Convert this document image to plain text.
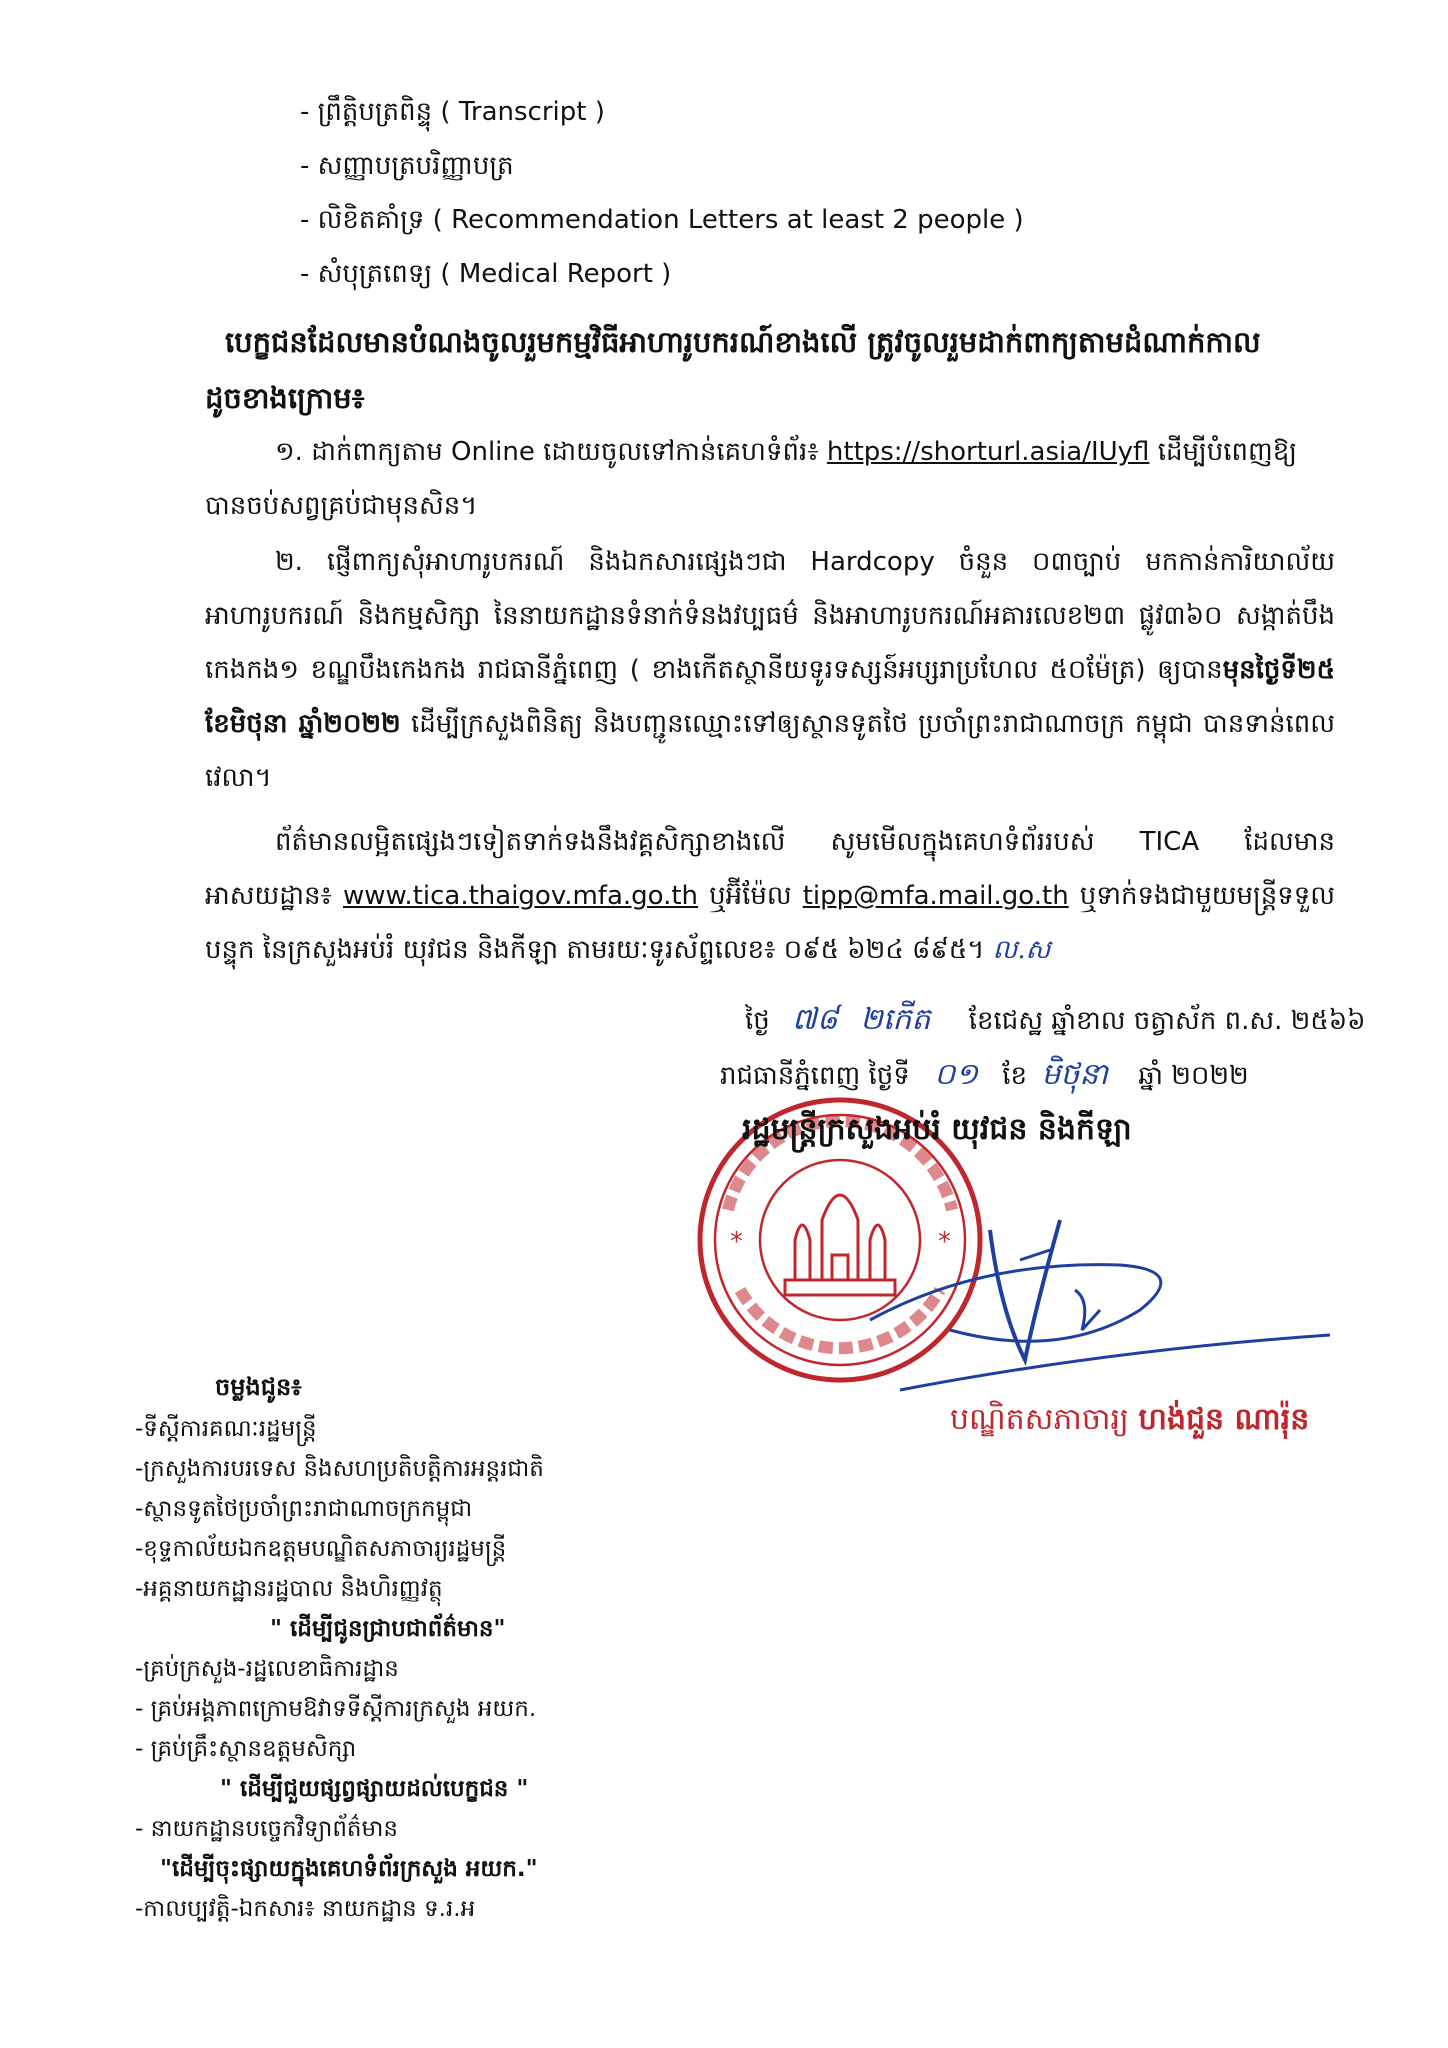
- ព្រឹត្តិបត្រពិន្ទុ ( Transcript )
- សញ្ញាបត្របរិញ្ញាបត្រ
- លិខិតគាំទ្រ ( Recommendation Letters at least 2 people )
- សំបុត្រពេទ្យ ( Medical Report )
បេក្ខជនដែលមានបំណងចូលរួមកម្មវិធីអាហារូបករណ៍ខាងលើ ត្រូវចូលរួមដាក់ពាក្យតាមដំណាក់កាល
ដូចខាងក្រោម៖
១. ដាក់ពាក្យតាម Online ដោយចូលទៅកាន់គេហទំព័រ៖ https://shorturl.asia/IUyfl ដើម្បីបំពេញឱ្យ
បានចប់សព្វគ្រប់ជាមុនសិន។
២. ផ្ញើពាក្យសុំអាហារូបករណ៍ និងឯកសារផ្សេងៗជា Hardcopy ចំនួន ០៣ច្បាប់ មកកាន់ការិយាល័យ អាហារូបករណ៍ និងកម្មសិក្សា នៃនាយកដ្ឋានទំនាក់ទំនងវប្បធម៌ និងអាហារូបករណ៍អគារលេខ២៣ ផ្លូវ៣៦០ សង្កាត់បឹងកេងកង១ ខណ្ឌបឹងកេងកង រាជធានីភ្នំពេញ ( ខាងកើតស្ថានីយទូរទស្សន៍អប្សរាប្រហែល ៥០ម៉ែត្រ) ឲ្យបានមុនថ្ងៃទី២៥ ខែមិថុនា ឆ្នាំ២០២២ ដើម្បីក្រសួងពិនិត្យ និងបញ្ជូនឈ្មោះទៅឲ្យស្ថានទូតថៃ ប្រចាំព្រះរាជាណាចក្រ កម្ពុជា បានទាន់ពេលវេលា។
ព័ត៌មានលម្អិតផ្សេងៗទៀតទាក់ទងនឹងវគ្គសិក្សាខាងលើ សូមមើលក្នុងគេហទំព័ររបស់ TICA ដែលមាន អាសយដ្ឋាន៖ www.tica.thaigov.mfa.go.th ឬអ៊ីម៉ែល tipp@mfa.mail.go.th ឬទាក់ទងជាមួយមន្ត្រីទទួលបន្ទុក នៃក្រសួងអប់រំ យុវជន និងកីឡា តាមរយៈទូរស័ព្ទលេខ៖ ០៩៥ ៦២៤ ៨៩៥។ ល.ស
ថ្ងៃ ៧៨ ២កើត ខែជេស្ឋ ឆ្នាំខាល ចត្វាស័ក ព.ស. ២៥៦៦
រាជធានីភ្នំពេញ ថ្ងៃទី ០១ ខែ មិថុនា ឆ្នាំ ២០២២
*	*
រដ្ឋមន្ត្រីក្រសួងអប់រំ យុវជន និងកីឡា
បណ្ឌិតសភាចារ្យ ហង់ជួន ណារ៉ុន
ចម្លងជូន៖
-ទីស្ដីការគណៈរដ្ឋមន្ត្រី
-ក្រសួងការបរទេស និងសហប្រតិបត្តិការអន្តរជាតិ
-ស្ថានទូតថៃប្រចាំព្រះរាជាណាចក្រកម្ពុជា
-ខុទ្ទកាល័យឯកឧត្តមបណ្ឌិតសភាចារ្យរដ្ឋមន្ត្រី
-អគ្គនាយកដ្ឋានរដ្ឋបាល និងហិរញ្ញវត្ថុ
" ដើម្បីជូនជ្រាបជាព័ត៌មាន"
-គ្រប់ក្រសួង-រដ្ឋលេខាធិការដ្ឋាន
- គ្រប់អង្គភាពក្រោមឱវាទទីស្ដីការក្រសួង អយក.
- គ្រប់គ្រឹះស្ថានឧត្តមសិក្សា
" ដើម្បីជួយផ្សព្វផ្សាយដល់បេក្ខជន "
- នាយកដ្ឋានបច្ចេកវិទ្យាព័ត៌មាន
"ដើម្បីចុះផ្សាយក្នុងគេហទំព័រក្រសួង អយក."
-កាលប្បវត្តិ-ឯកសារ៖ នាយកដ្ឋាន ទ.រ.អ
